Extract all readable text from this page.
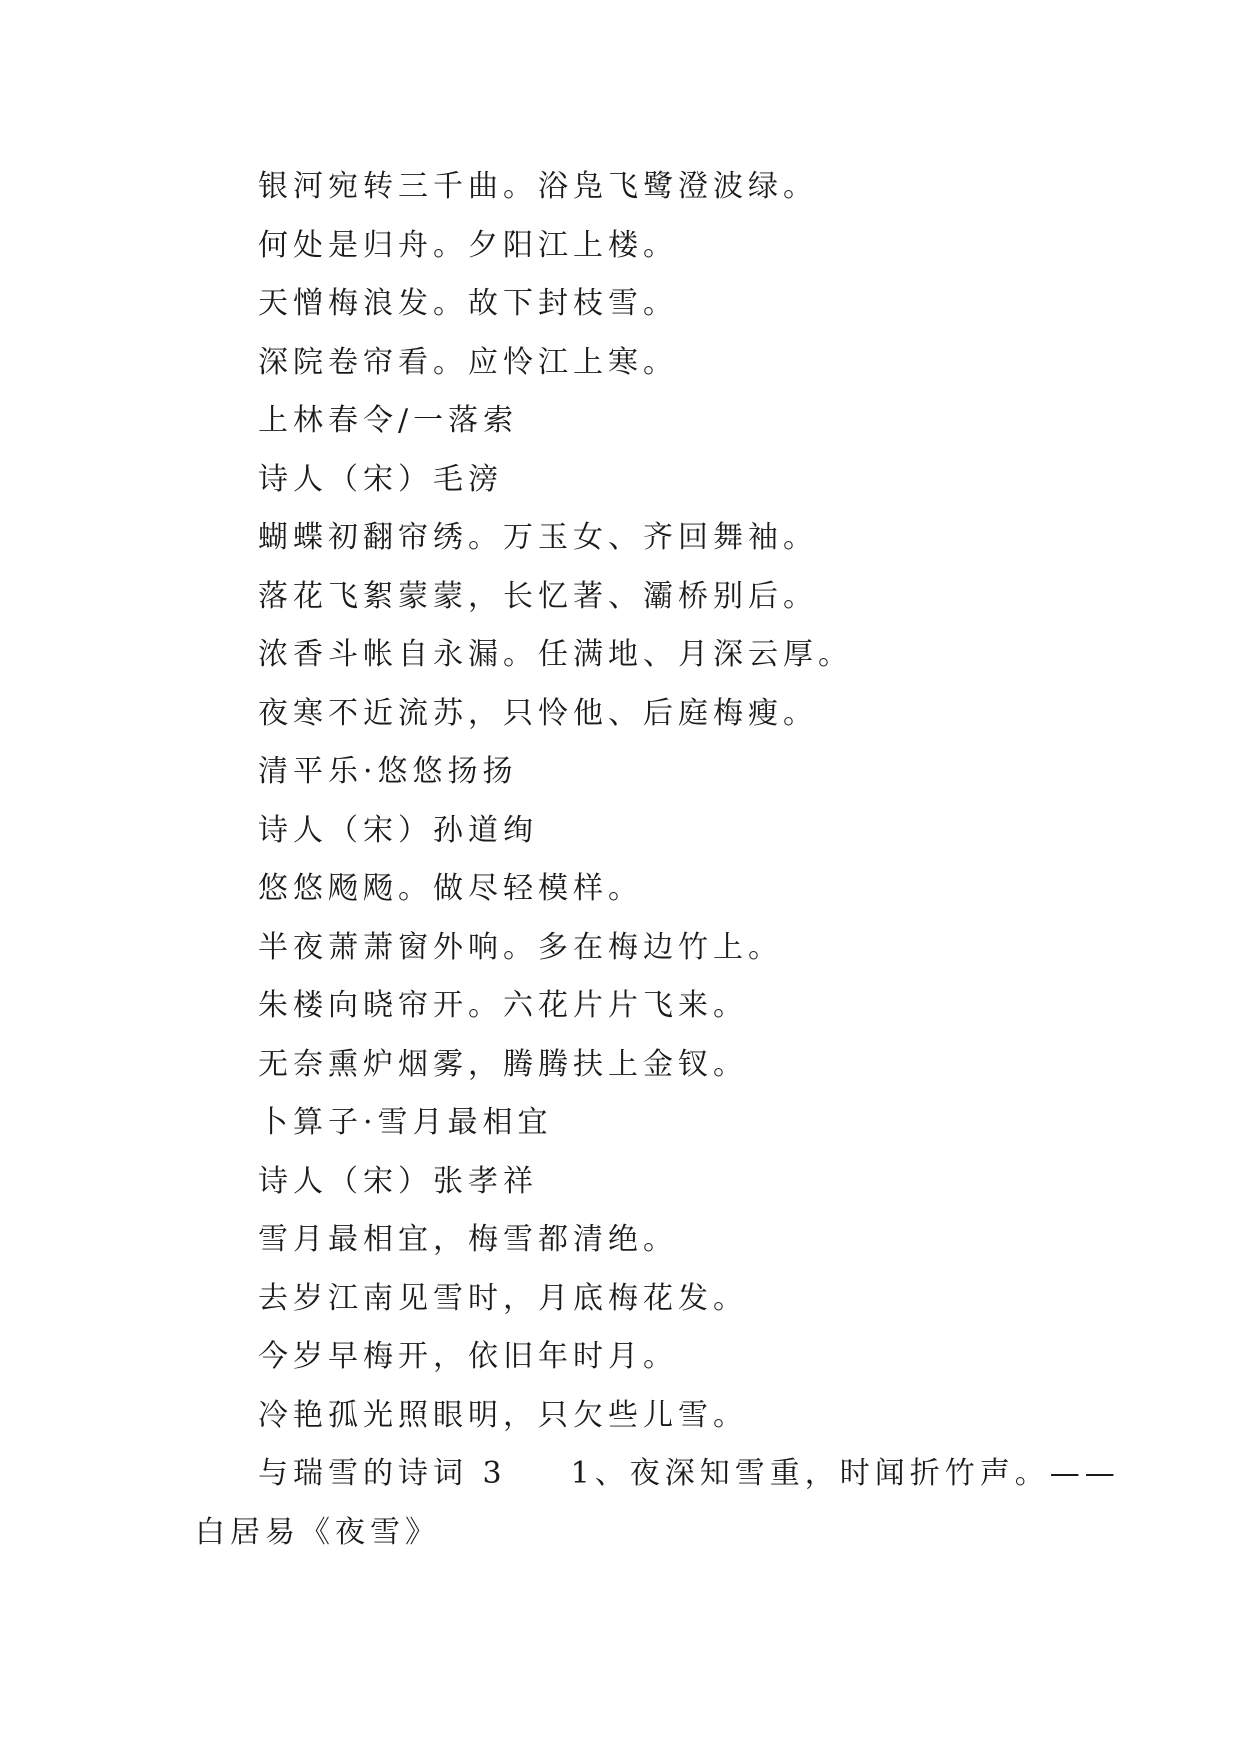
银河宛转三千曲。浴凫飞鹭澄波绿。
何处是归舟。夕阳江上楼。
天憎梅浪发。故下封枝雪。
深院卷帘看。应怜江上寒。
上林春令/一落索
诗人（宋）毛滂
蝴蝶初翻帘绣。万玉女、齐回舞袖。
落花飞絮蒙蒙，长忆著、灞桥别后。
浓香斗帐自永漏。任满地、月深云厚。
夜寒不近流苏，只怜他、后庭梅瘦。
清平乐·悠悠扬扬
诗人（宋）孙道绚
悠悠飏飏。做尽轻模样。
半夜萧萧窗外响。多在梅边竹上。
朱楼向晓帘开。六花片片飞来。
无奈熏炉烟雾，腾腾扶上金钗。
卜算子·雪月最相宜
诗人（宋）张孝祥
雪月最相宜，梅雪都清绝。
去岁江南见雪时，月底梅花发。
今岁早梅开，依旧年时月。
冷艳孤光照眼明，只欠些儿雪。
与瑞雪的诗词 3 1、夜深知雪重，时闻折竹声。——
白居易《夜雪》
